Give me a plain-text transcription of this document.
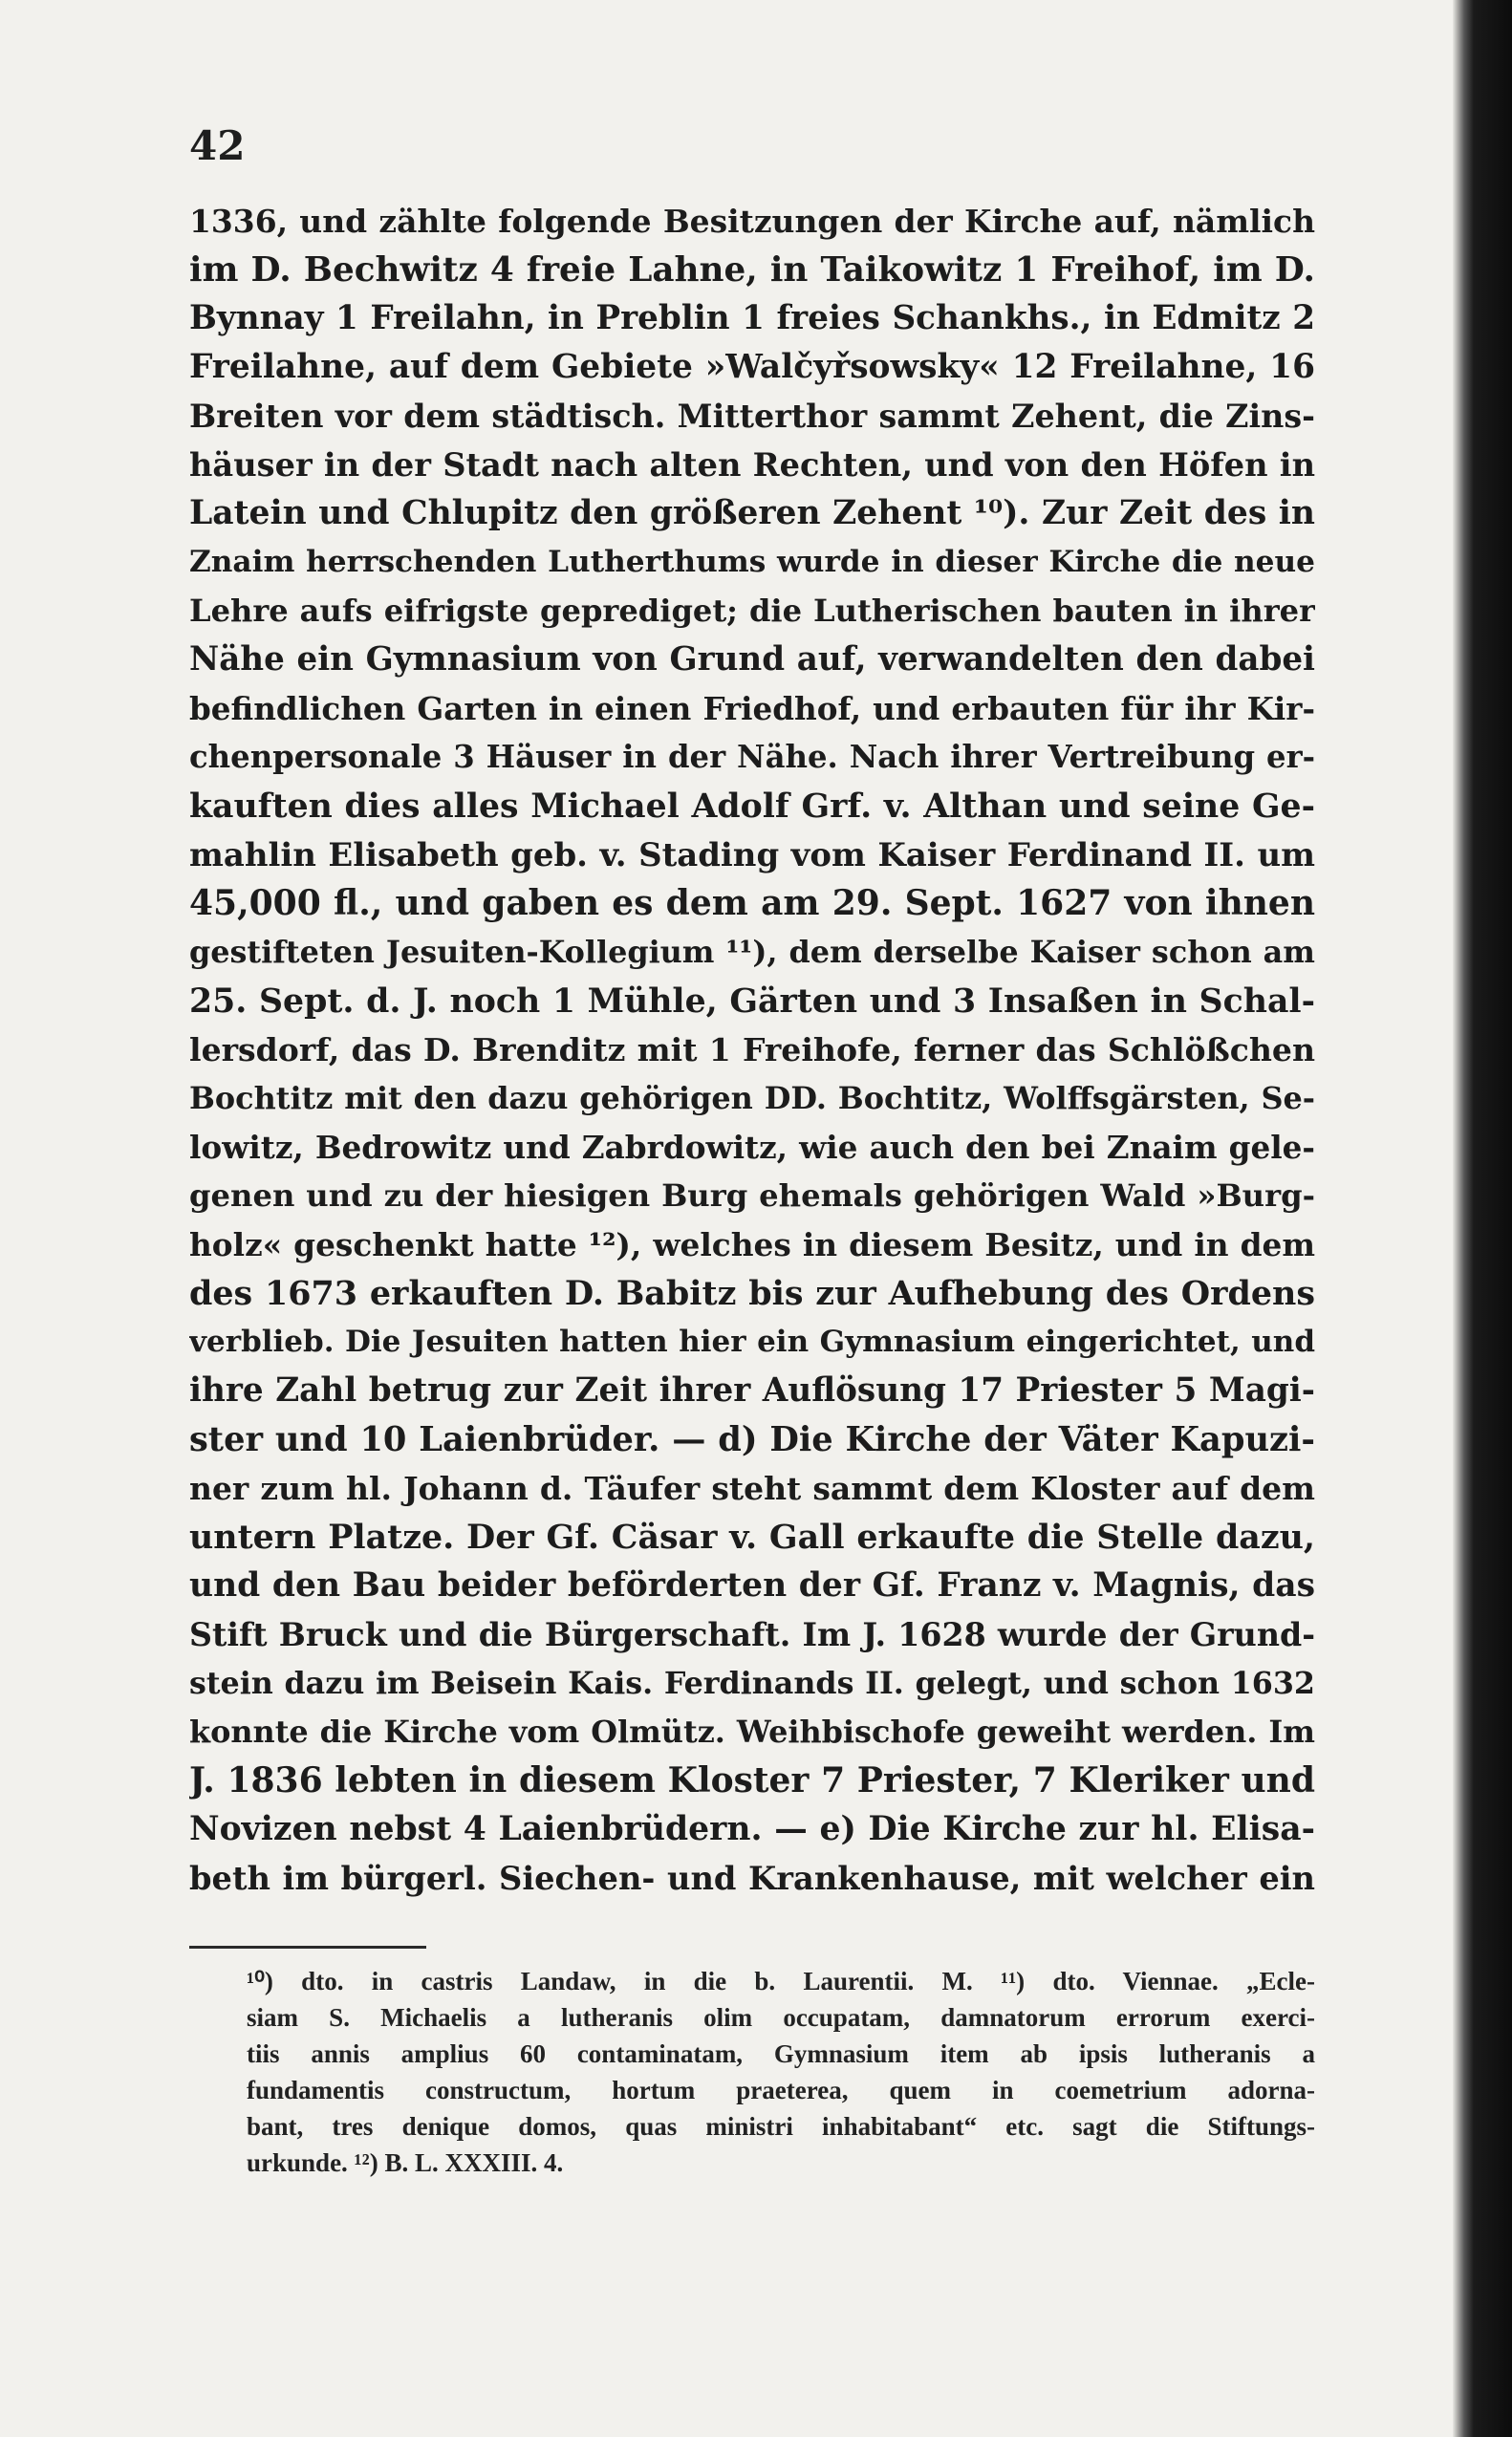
42
1336, und zählte folgende Besitzungen der Kirche auf, nämlich
im D. Bechwitz 4 freie Lahne, in Taikowitz 1 Freihof, im D.
Bynnay 1 Freilahn, in Preblin 1 freies Schankhs., in Edmitz 2
Freilahne, auf dem Gebiete »Walčyřsowsky« 12 Freilahne, 16
Breiten vor dem städtisch. Mitterthor sammt Zehent, die Zins-
häuser in der Stadt nach alten Rechten, und von den Höfen in
Latein und Chlupitz den größeren Zehent ¹⁰). Zur Zeit des in
Znaim herrschenden Lutherthums wurde in dieser Kirche die neue
Lehre aufs eifrigste geprediget; die Lutherischen bauten in ihrer
Nähe ein Gymnasium von Grund auf, verwandelten den dabei
befindlichen Garten in einen Friedhof, und erbauten für ihr Kir-
chenpersonale 3 Häuser in der Nähe. Nach ihrer Vertreibung er-
kauften dies alles Michael Adolf Grf. v. Althan und seine Ge-
mahlin Elisabeth geb. v. Stading vom Kaiser Ferdinand II. um
45,000 fl., und gaben es dem am 29. Sept. 1627 von ihnen
gestifteten Jesuiten-Kollegium ¹¹), dem derselbe Kaiser schon am
25. Sept. d. J. noch 1 Mühle, Gärten und 3 Insaßen in Schal-
lersdorf, das D. Brenditz mit 1 Freihofe, ferner das Schlößchen
Bochtitz mit den dazu gehörigen DD. Bochtitz, Wolffsgärsten, Se-
lowitz, Bedrowitz und Zabrdowitz, wie auch den bei Znaim gele-
genen und zu der hiesigen Burg ehemals gehörigen Wald »Burg-
holz« geschenkt hatte ¹²), welches in diesem Besitz, und in dem
des 1673 erkauften D. Babitz bis zur Aufhebung des Ordens
verblieb. Die Jesuiten hatten hier ein Gymnasium eingerichtet, und
ihre Zahl betrug zur Zeit ihrer Auflösung 17 Priester 5 Magi-
ster und 10 Laienbrüder. — d) Die Kirche der Väter Kapuzi-
ner zum hl. Johann d. Täufer steht sammt dem Kloster auf dem
untern Platze. Der Gf. Cäsar v. Gall erkaufte die Stelle dazu,
und den Bau beider beförderten der Gf. Franz v. Magnis, das
Stift Bruck und die Bürgerschaft. Im J. 1628 wurde der Grund-
stein dazu im Beisein Kais. Ferdinands II. gelegt, und schon 1632
konnte die Kirche vom Olmütz. Weihbischofe geweiht werden. Im
J. 1836 lebten in diesem Kloster 7 Priester, 7 Kleriker und
Novizen nebst 4 Laienbrüdern. — e) Die Kirche zur hl. Elisa-
beth im bürgerl. Siechen- und Krankenhause, mit welcher ein
¹⁰) dto. in castris Landaw, in die b. Laurentii. M. ¹¹) dto. Viennae. „Ecle-
siam S. Michaelis a lutheranis olim occupatam, damnatorum errorum exerci-
tiis annis amplius 60 contaminatam, Gymnasium item ab ipsis lutheranis a
fundamentis constructum, hortum praeterea, quem in coemetrium adorna-
bant, tres denique domos, quas ministri inhabitabant“ etc. sagt die Stiftungs-
urkunde. ¹²) B. L. XXXIII. 4.
